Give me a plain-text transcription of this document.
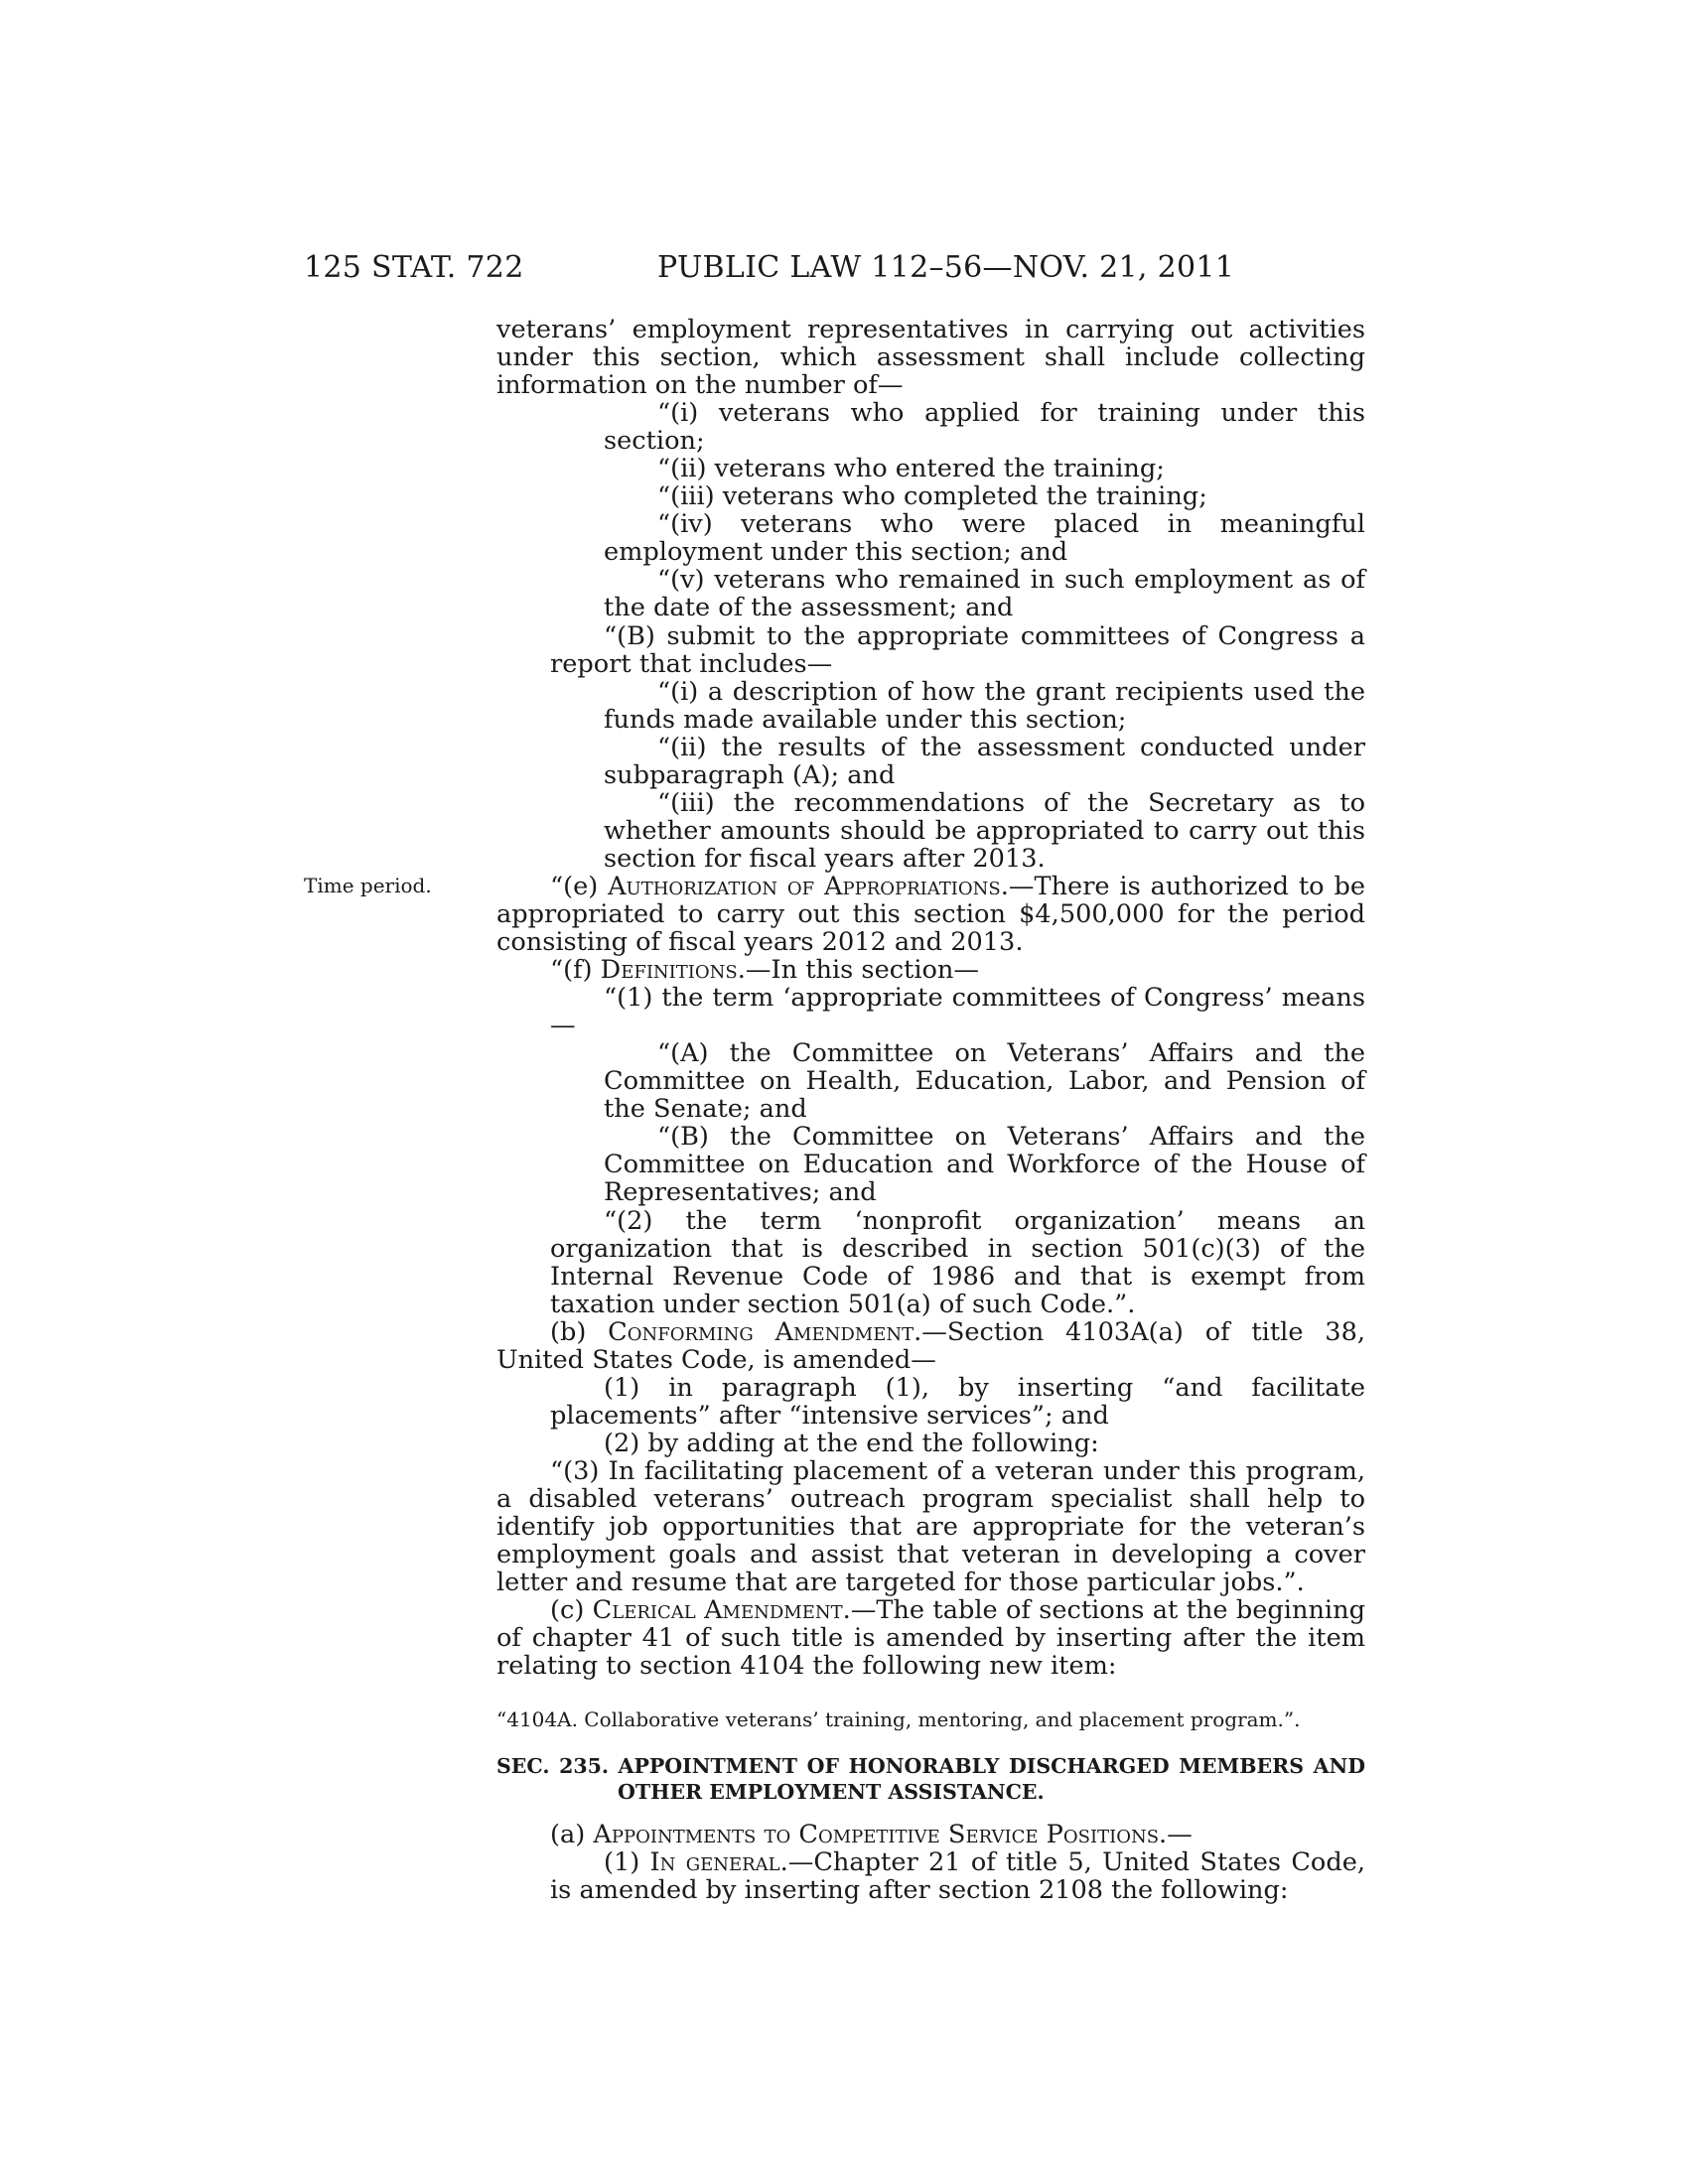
125 STAT. 722	PUBLIC LAW 112–56—NOV. 21, 2011
Time period.

veterans’ employment representatives in carrying out activities under this section, which assessment shall include collecting information on the number of—

“(i) veterans who applied for training under this section;

“(ii) veterans who entered the training;

“(iii) veterans who completed the training;

“(iv) veterans who were placed in meaningful employment under this section; and

“(v) veterans who remained in such employment as of the date of the assessment; and

“(B) submit to the appropriate committees of Congress a report that includes—

“(i) a description of how the grant recipients used the funds made available under this section;

“(ii) the results of the assessment conducted under subparagraph (A); and

“(iii) the recommendations of the Secretary as to whether amounts should be appropriated to carry out this section for fiscal years after 2013.

“(e) Authorization of Appropriations.—There is authorized to be appropriated to carry out this section $4,500,000 for the period consisting of fiscal years 2012 and 2013.

“(f) Definitions.—In this section—

“(1) the term ‘appropriate committees of Congress’ means—

“(A) the Committee on Veterans’ Affairs and the Committee on Health, Education, Labor, and Pension of the Senate; and

“(B) the Committee on Veterans’ Affairs and the Committee on Education and Workforce of the House of Representatives; and

“(2) the term ‘nonprofit organization’ means an organization that is described in section 501(c)(3) of the Internal Revenue Code of 1986 and that is exempt from taxation under section 501(a) of such Code.”.

(b) Conforming Amendment.—Section 4103A(a) of title 38, United States Code, is amended—

(1) in paragraph (1), by inserting “and facilitate placements” after “intensive services”; and

(2) by adding at the end the following:

“(3) In facilitating placement of a veteran under this program, a disabled veterans’ outreach program specialist shall help to identify job opportunities that are appropriate for the veteran’s employment goals and assist that veteran in developing a cover letter and resume that are targeted for those particular jobs.”.

(c) Clerical Amendment.—The table of sections at the beginning of chapter 41 of such title is amended by inserting after the item relating to section 4104 the following new item:

“4104A. Collaborative veterans’ training, mentoring, and placement program.”.

SEC. 235. APPOINTMENT OF HONORABLY DISCHARGED MEMBERS AND OTHER EMPLOYMENT ASSISTANCE.

(a) Appointments to Competitive Service Positions.—

(1) In general.—Chapter 21 of title 5, United States Code, is amended by inserting after section 2108 the following:
